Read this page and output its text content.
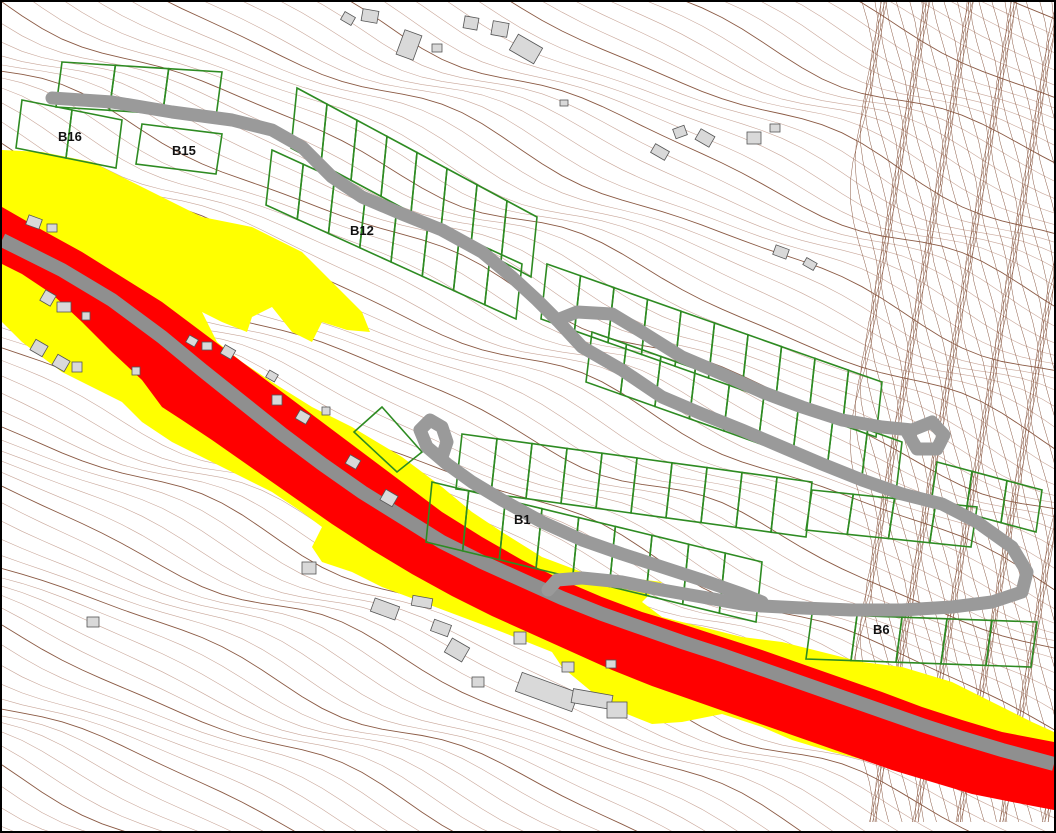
B16
B15
B12
B1
B6
